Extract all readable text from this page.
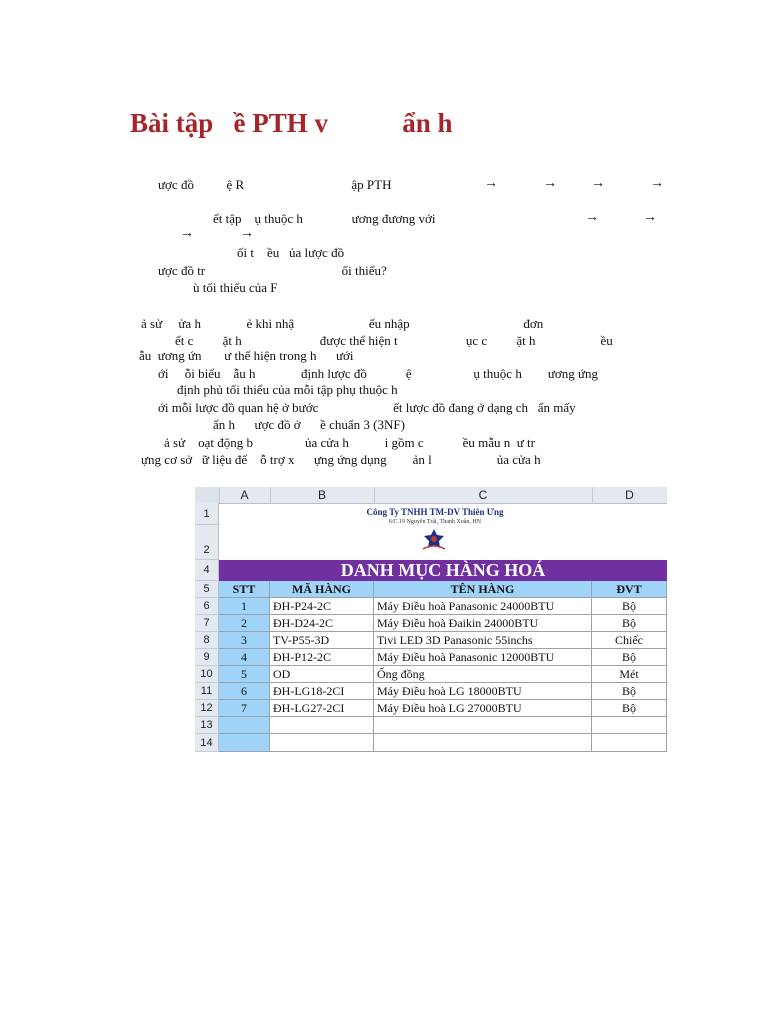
Bài tập   ề PTH v           ẩn h
ược đồ          ệ R                                 ập PTH
ết tập    ụ thuộc h               ương đương với
ối t    ều   ủa lược đồ
ược đồ tr                                          ối thiểu?
ù tối thiểu của F
ả sử     ửa h              ẻ khi nhậ                       ếu nhập                                   đơn
ết c         ặt h                        được thể hiện t                     ục c         ặt h                    ều
ẫu  ương ứn       ư thể hiện trong h      ưới
ới     ỗi biểu    ẫu h              định lược đồ            ệ                   ụ thuộc h        ương ứng
định phủ tối thiểu của mỗi tập phụ thuộc h
ới mỗi lược đồ quan hệ ở bước                       ết lược đồ đang ở dạng ch   ẩn mấy
ẩn h      ược đồ ở      ề chuẩn 3 (3NF)
ả sử    oạt động b                ủa cửa h           i gồm c            ều mẫu n  ư tr
ựng cơ sở   ữ liệu để    ỗ trợ x      ựng ứng dụng        ản l                    ủa cửa h
→	→ →	→
→	→
→	→
A	B	C	D
1
2
4
5
6
7
8
9
10
11
12
13
14
Công Ty TNHH TM-DV Thiên Ưng
6/C.19 Nguyễn Trãi, Thanh Xuân, HN
DANH MỤC HÀNG HOÁ
STT	MÃ HÀNG	TÊN HÀNG	ĐVT
1	ĐH-P24-2C	Máy Điều hoà Panasonic 24000BTU	Bộ
2	ĐH-D24-2C	Máy Điều hoà Đaikin 24000BTU	Bộ
3	TV-P55-3D	Tivi LED 3D Panasonic 55inchs	Chiếc
4	ĐH-P12-2C	Máy Điều hoà Panasonic 12000BTU	Bộ
5	OD	Ống đồng	Mét
6	ĐH-LG18-2CI	Máy Điều hoà LG 18000BTU	Bộ
7	ĐH-LG27-2CI	Máy Điều hoà LG 27000BTU	Bộ
